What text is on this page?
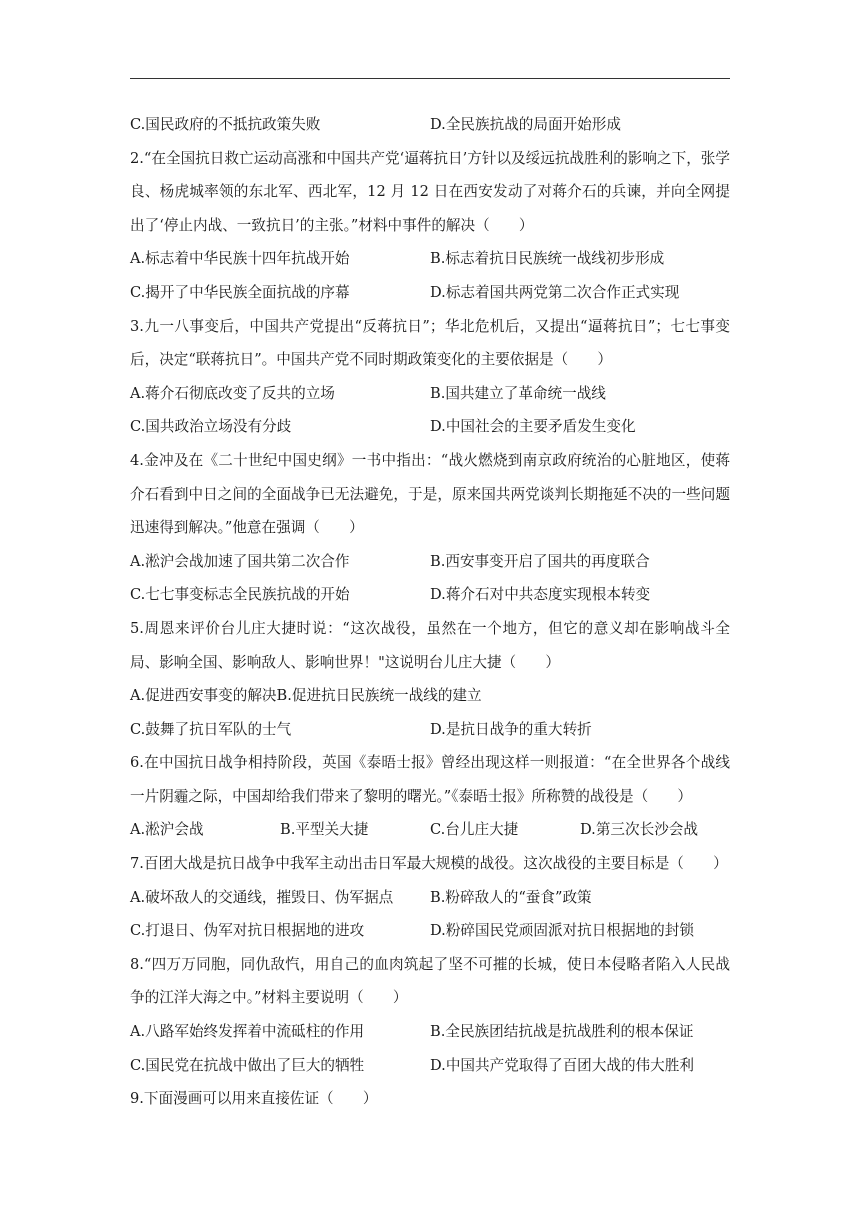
C.国民政府的不抵抗政策失败	D.全民族抗战的局面开始形成
2.“在全国抗日救亡运动高涨和中国共产党‘逼蒋抗日’方针以及绥远抗战胜利的影响之下，张学良、杨虎城率领的东北军、西北军，12 月 12 日在西安发动了对蒋介石的兵谏，并向全网提出了‘停止内战、一致抗日’的主张。”材料中事件的解决（　　）
A.标志着中华民族十四年抗战开始	B.标志着抗日民族统一战线初步形成
C.揭开了中华民族全面抗战的序幕	D.标志着国共两党第二次合作正式实现
3.九一八事变后，中国共产党提出“反蒋抗日”；华北危机后，又提出“逼蒋抗日”；七七事变后，决定“联蒋抗日”。中国共产党不同时期政策变化的主要依据是（　　）
A.蒋介石彻底改变了反共的立场	B.国共建立了革命统一战线
C.国共政治立场没有分歧	D.中国社会的主要矛盾发生变化
4.金冲及在《二十世纪中国史纲》一书中指出：“战火燃烧到南京政府统治的心脏地区，使蒋介石看到中日之间的全面战争已无法避免，于是，原来国共两党谈判长期拖延不决的一些问题迅速得到解决。”他意在强调（　　）
A.淞沪会战加速了国共第二次合作	B.西安事变开启了国共的再度联合
C.七七事变标志全民族抗战的开始	D.蒋介石对中共态度实现根本转变
5.周恩来评价台儿庄大捷时说：“这次战役，虽然在一个地方，但它的意义却在影响战斗全局、影响全国、影响敌人、影响世界！"这说明台儿庄大捷（　　）
A.促进西安事变的解决 B.促进抗日民族统一战线的建立
C.鼓舞了抗日军队的士气	D.是抗日战争的重大转折
6.在中国抗日战争相持阶段，英国《泰晤士报》曾经出现这样一则报道：“在全世界各个战线一片阴霾之际，中国却给我们带来了黎明的曙光。”《泰晤士报》所称赞的战役是（　　）
A.淞沪会战	B.平型关大捷	C.台儿庄大捷	D.第三次长沙会战
7.百团大战是抗日战争中我军主动出击日军最大规模的战役。这次战役的主要目标是（　　）
A.破坏敌人的交通线，摧毁日、伪军据点	B.粉碎敌人的“蚕食”政策
C.打退日、伪军对抗日根据地的进攻	D.粉碎国民党顽固派对抗日根据地的封锁
8.“四万万同胞，同仇敌忾，用自己的血肉筑起了坚不可摧的长城，使日本侵略者陷入人民战争的江洋大海之中。”材料主要说明（　　）
A.八路军始终发挥着中流砥柱的作用	B.全民族团结抗战是抗战胜利的根本保证
C.国民党在抗战中做出了巨大的牺牲	D.中国共产党取得了百团大战的伟大胜利
9.下面漫画可以用来直接佐证（　　）
